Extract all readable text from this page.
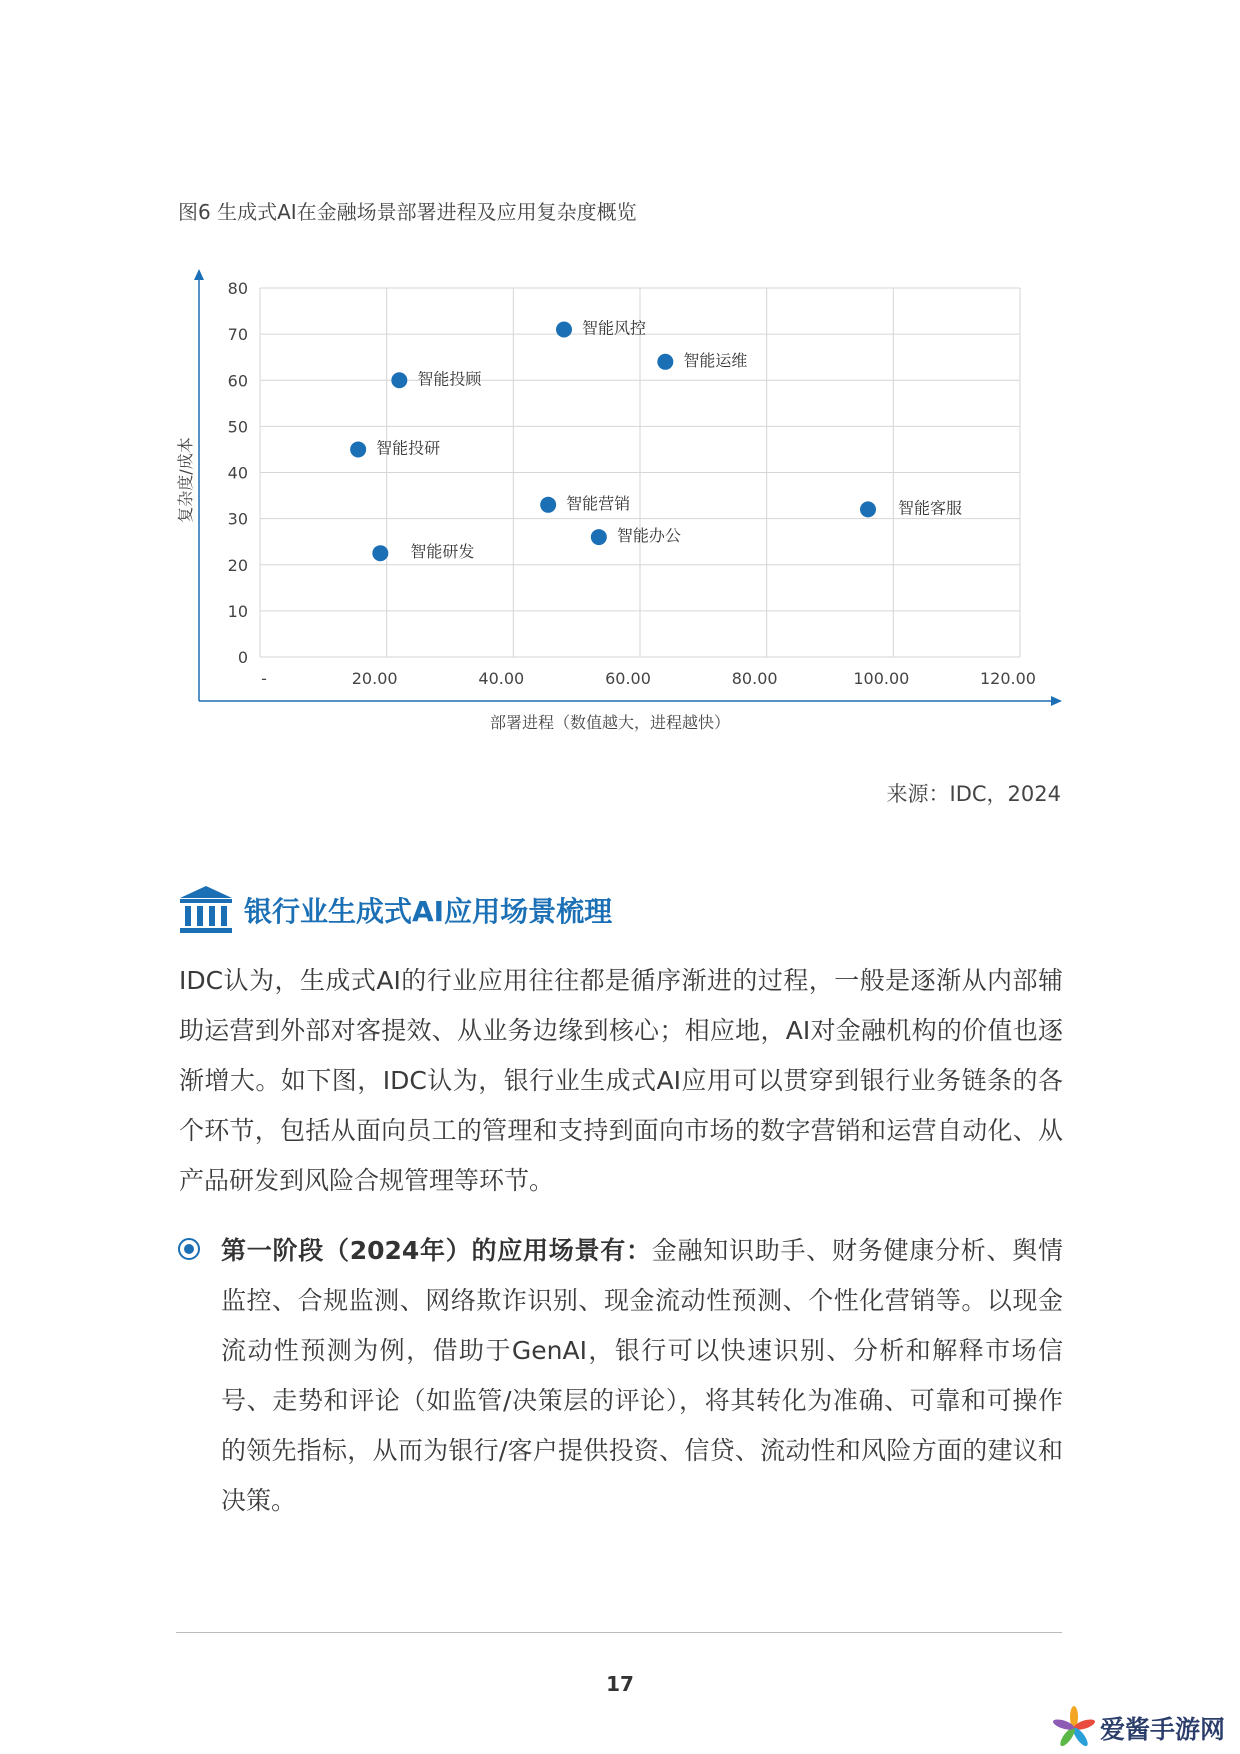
图6 生成式AI在金融场景部署进程及应用复杂度概览
0
10
20
30
40
50
60
70
80
-	20.00	40.00	60.00	80.00	100.00	120.00
部署进程（数值越大，进程越快）
复杂度/成本
智能风控
智能运维
智能投顾
智能投研
智能营销	智能客服
智能办公
智能研发
来源：IDC，2024
银行业生成式AI应用场景梳理
IDC认为，生成式AI的行业应用往往都是循序渐进的过程，一般是逐渐从内部辅助运营到外部对客提效、从业务边缘到核心；相应地，AI对金融机构的价值也逐渐增大。如下图，IDC认为，银行业生成式AI应用可以贯穿到银行业务链条的各个环节，包括从面向员工的管理和支持到面向市场的数字营销和运营自动化、从产品研发到风险合规管理等环节。
第一阶段（2024年）的应用场景有：金融知识助手、财务健康分析、舆情监控、合规监测、网络欺诈识别、现金流动性预测、个性化营销等。以现金流动性预测为例，借助于GenAI，银行可以快速识别、分析和解释市场信号、走势和评论（如监管/决策层的评论），将其转化为准确、可靠和可操作的领先指标，从而为银行/客户提供投资、信贷、流动性和风险方面的建议和决策。
17
爱酱手游网
